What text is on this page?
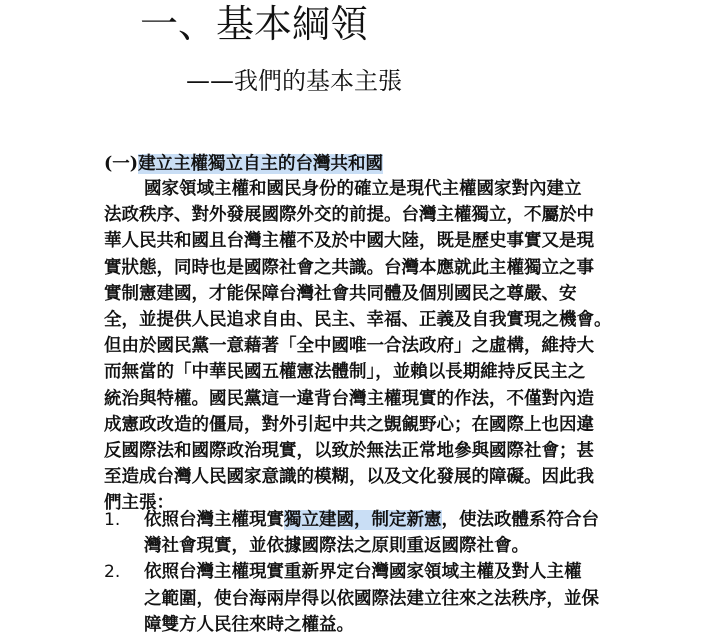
一、基本綱領
——我們的基本主張
(一)建立主權獨立自主的台灣共和國
國家領域主權和國民身份的確立是現代主權國家對內建立
法政秩序、對外發展國際外交的前提。台灣主權獨立，不屬於中
華人民共和國且台灣主權不及於中國大陸，既是歷史事實又是現
實狀態，同時也是國際社會之共識。台灣本應就此主權獨立之事
實制憲建國，才能保障台灣社會共同體及個別國民之尊嚴、安
全，並提供人民追求自由、民主、幸福、正義及自我實現之機會。
但由於國民黨一意藉著「全中國唯一合法政府」之虛構，維持大
而無當的「中華民國五權憲法體制」，並賴以長期維持反民主之
統治與特權。國民黨這一違背台灣主權現實的作法，不僅對內造
成憲政改造的僵局，對外引起中共之覬覦野心；在國際上也因違
反國際法和國際政治現實，以致於無法正常地參與國際社會；甚
至造成台灣人民國家意識的模糊，以及文化發展的障礙。因此我
們主張：
1.	依照台灣主權現實獨立建國，制定新憲，使法政體系符合台
灣社會現實，並依據國際法之原則重返國際社會。
2.	依照台灣主權現實重新界定台灣國家領域主權及對人主權
之範圍，使台海兩岸得以依國際法建立往來之法秩序，並保
障雙方人民往來時之權益。
